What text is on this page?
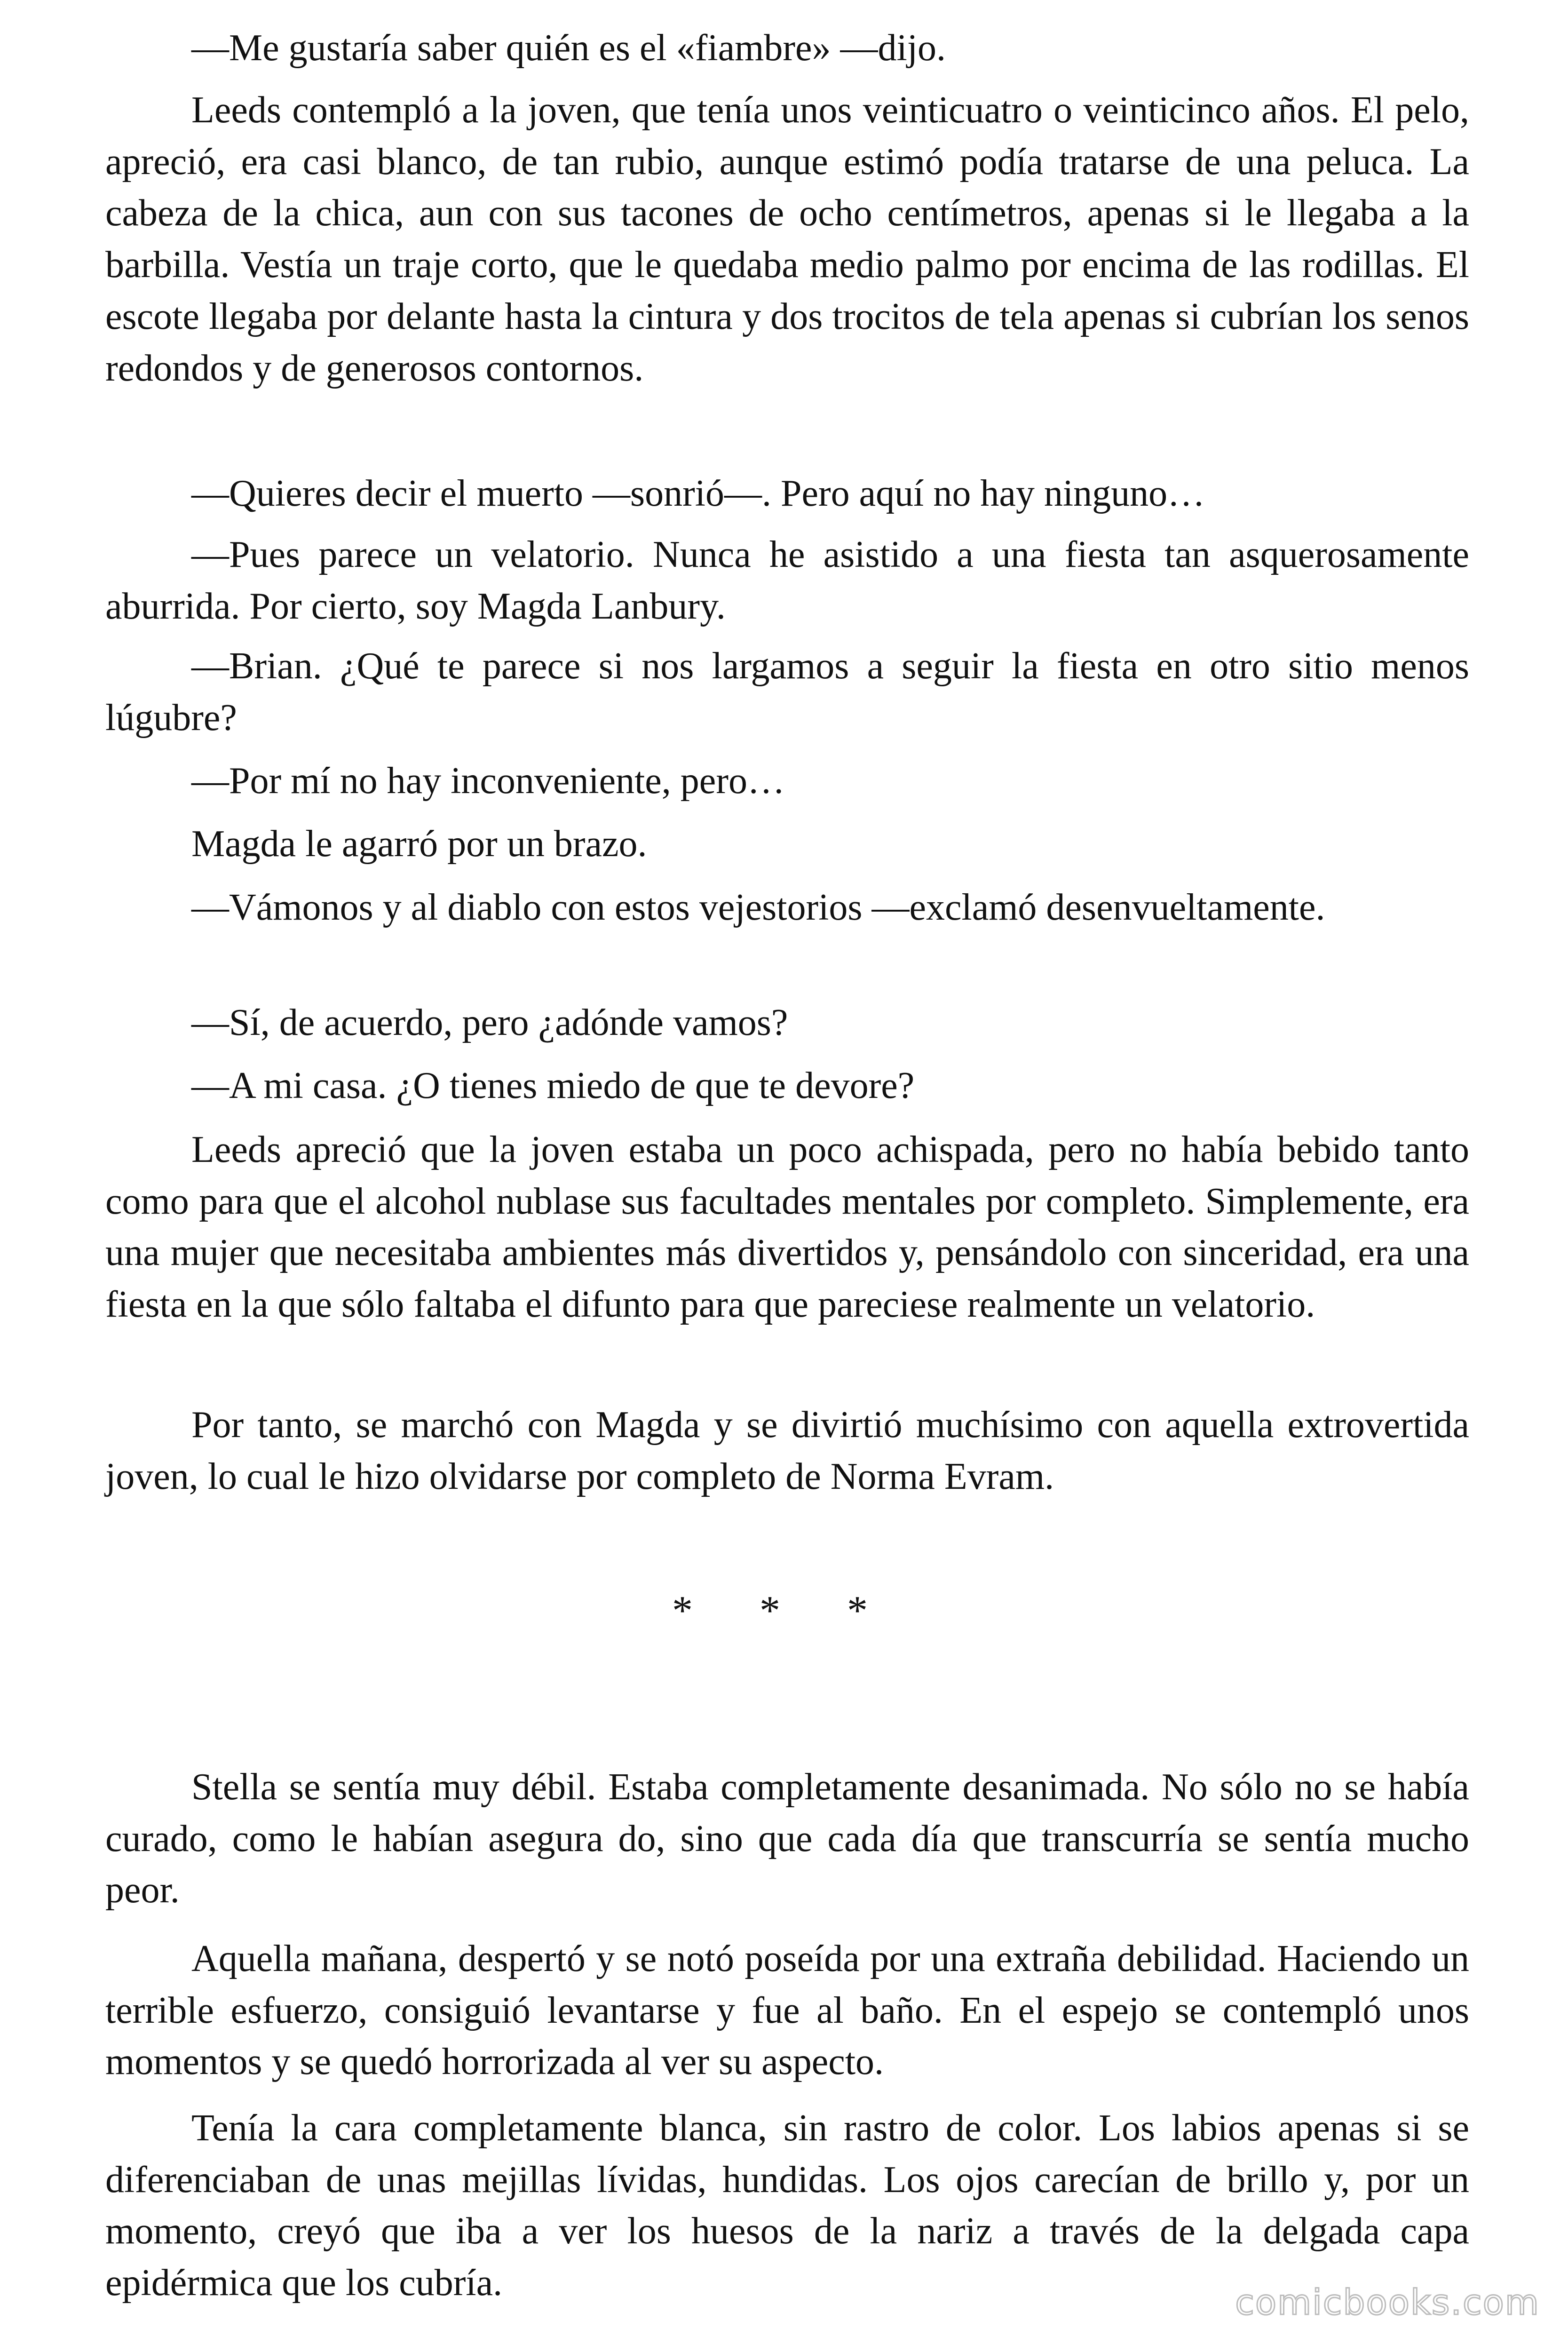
—Me gustaría saber quién es el «fiambre» —dijo.

Leeds contempló a la joven, que tenía unos veinticuatro o veinticinco años. El pelo, apreció, era casi blanco, de tan rubio, aunque estimó podía tratarse de una peluca. La cabeza de la chica, aun con sus tacones de ocho centímetros, apenas si le llegaba a la barbilla. Vestía un traje corto, que le quedaba medio palmo por encima de las rodillas. El escote llegaba por delante hasta la cintura y dos trocitos de tela apenas si cubrían los senos redondos y de generosos contornos.

—Quieres decir el muerto —sonrió—. Pero aquí no hay ninguno…

—Pues parece un velatorio. Nunca he asistido a una fiesta tan asquerosamente aburrida. Por cierto, soy Magda Lanbury.

—Brian. ¿Qué te parece si nos largamos a seguir la fiesta en otro sitio menos lúgubre?

—Por mí no hay inconveniente, pero…

Magda le agarró por un brazo.

—Vámonos y al diablo con estos vejestorios —exclamó desenvueltamente.

—Sí, de acuerdo, pero ¿adónde vamos?

—A mi casa. ¿O tienes miedo de que te devore?

Leeds apreció que la joven estaba un poco achispada, pero no había bebido tanto como para que el alcohol nublase sus facultades mentales por completo. Simplemente, era una mujer que necesitaba ambientes más divertidos y, pensándolo con sinceridad, era una fiesta en la que sólo faltaba el difunto para que pareciese realmente un velatorio.

Por tanto, se marchó con Magda y se divirtió muchísimo con aquella extrovertida joven, lo cual le hizo olvidarse por completo de Norma Evram.

* * *

Stella se sentía muy débil. Estaba completamente desanimada. No sólo no se había curado, como le habían asegura do, sino que cada día que transcurría se sentía mucho peor.

Aquella mañana, despertó y se notó poseída por una extraña debilidad. Haciendo un terrible esfuerzo, consiguió levantarse y fue al baño. En el espejo se contempló unos momentos y se quedó horrorizada al ver su aspecto.

Tenía la cara completamente blanca, sin rastro de color. Los labios apenas si se diferenciaban de unas mejillas lívidas, hundidas. Los ojos carecían de brillo y, por un momento, creyó que iba a ver los huesos de la nariz a través de la delgada capa epidérmica que los cubría.	comicbooks.com
